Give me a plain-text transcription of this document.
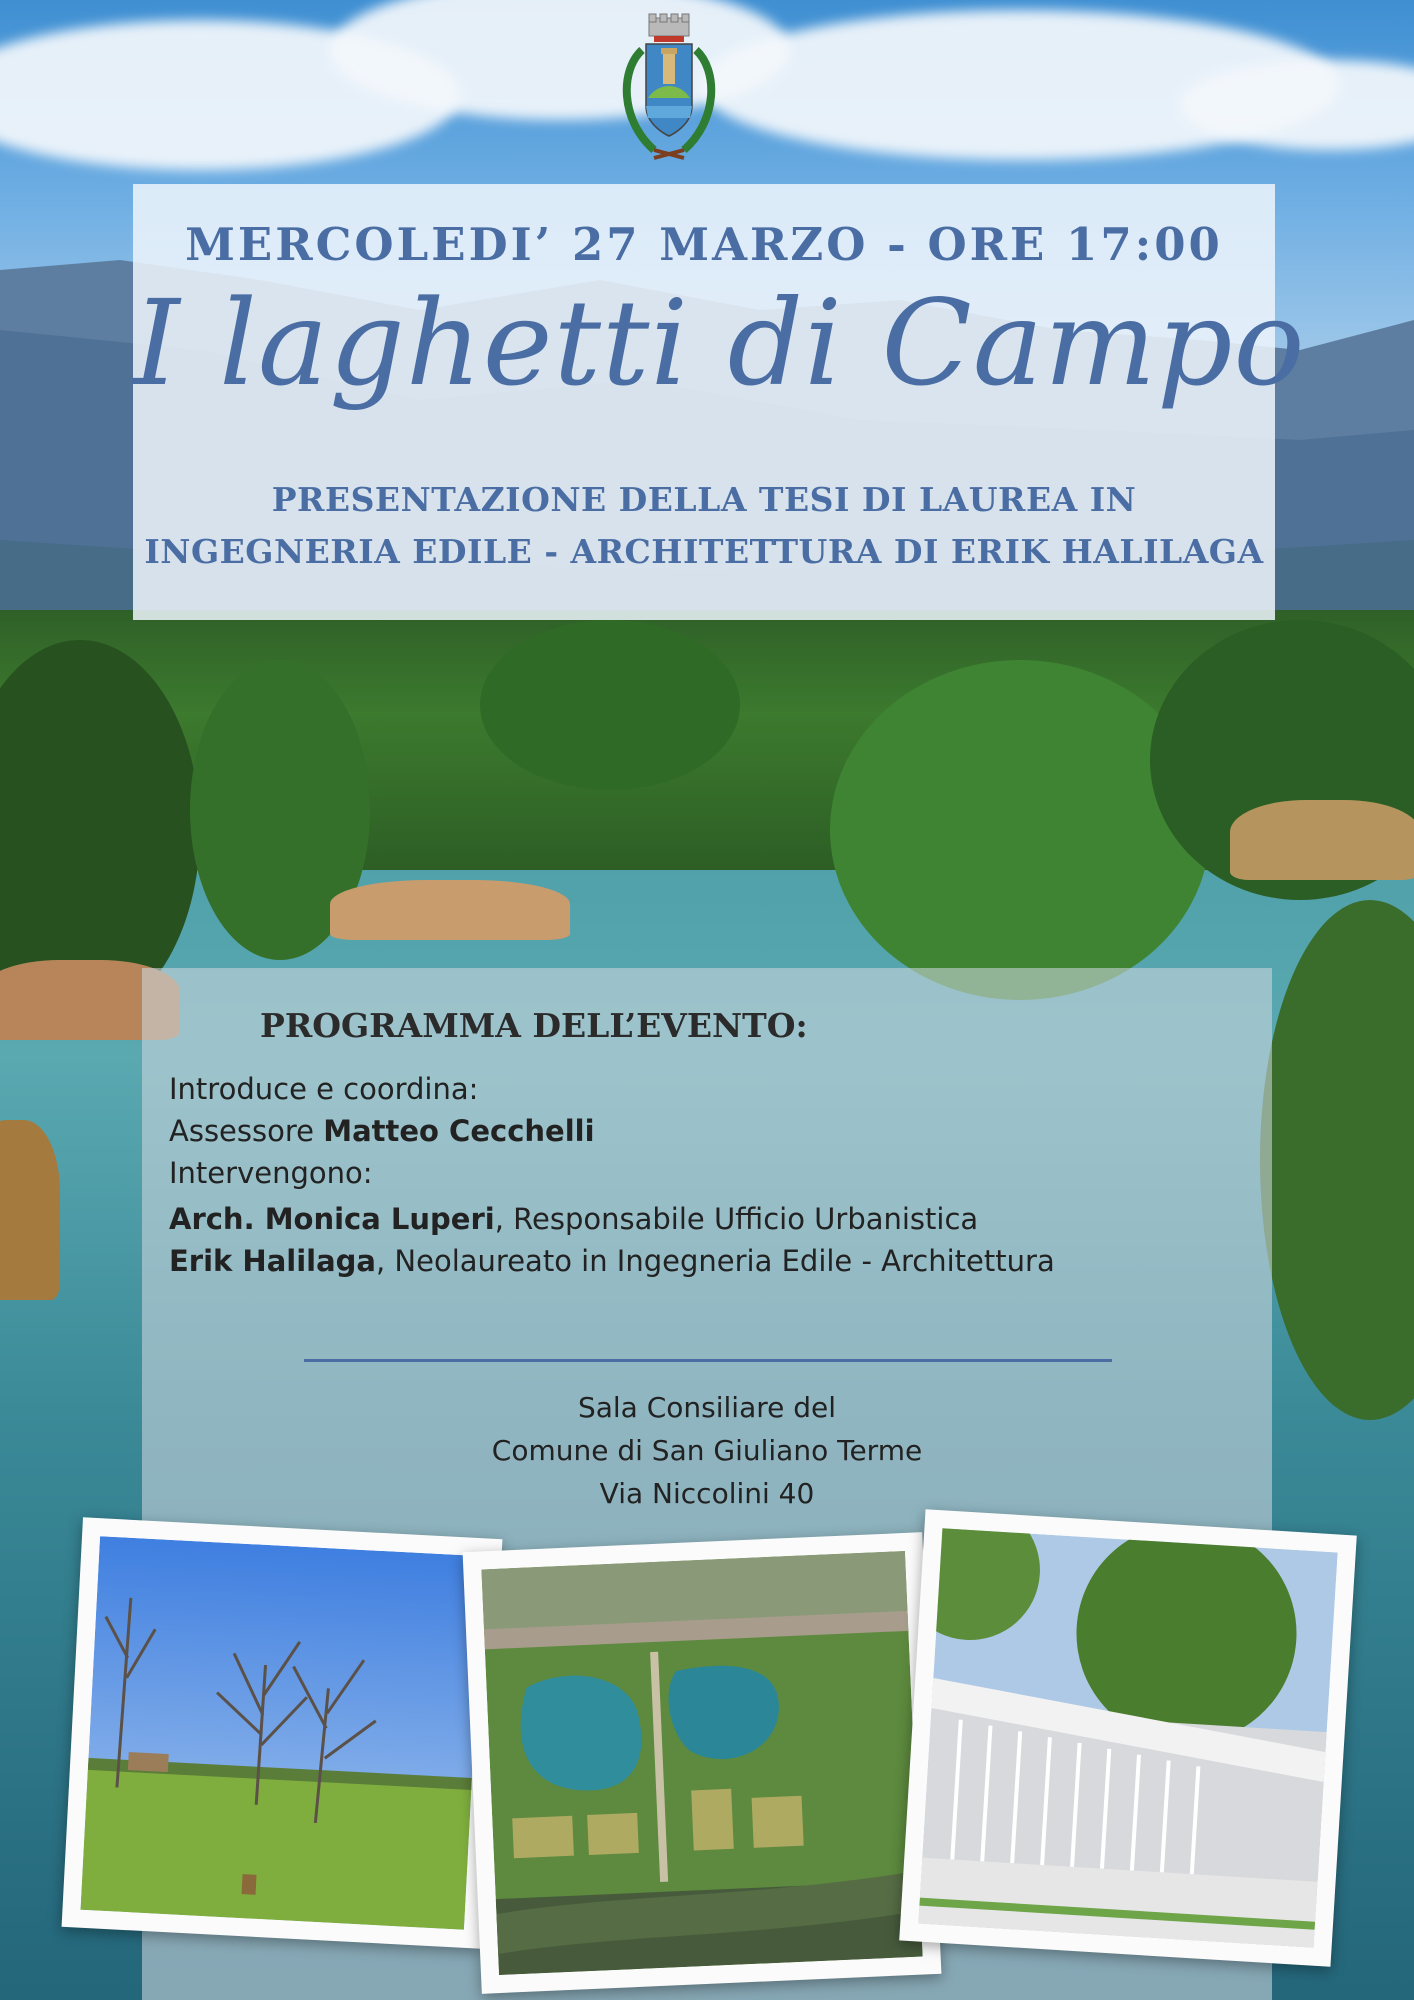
MERCOLEDI’ 27 MARZO - ORE 17:00
I laghetti di Campo
PRESENTAZIONE DELLA TESI DI LAUREA IN
INGEGNERIA EDILE - ARCHITETTURA DI ERIK HALILAGA
PROGRAMMA DELL’EVENTO:
Introduce e coordina:
Assessore Matteo Cecchelli
Intervengono:
Arch. Monica Luperi, Responsabile Ufficio Urbanistica
Erik Halilaga, Neolaureato in Ingegneria Edile - Architettura
Sala Consiliare del
Comune di San Giuliano Terme
Via Niccolini 40
